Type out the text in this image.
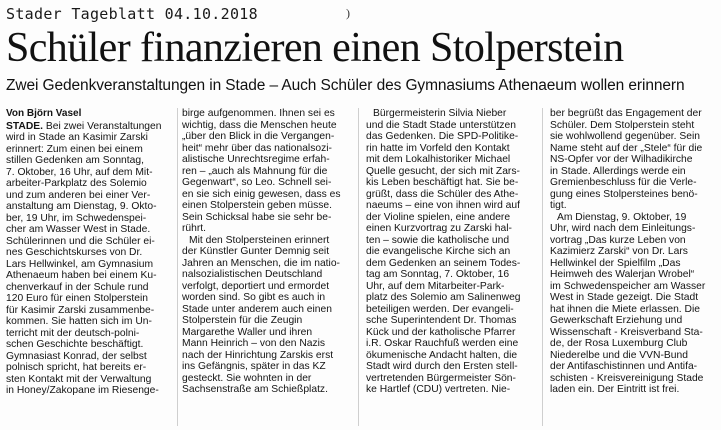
Stader Tageblatt 04.10.2018	)
Schüler finanzieren einen Stolperstein
Zwei Gedenkveranstaltungen in Stade – Auch Schüler des Gymnasiums Athenaeum wollen erinnern
Von Björn Vasel
STADE. Bei zwei Veranstaltungen
wird in Stade an Kasimir Zarski
erinnert: Zum einen bei einem
stillen Gedenken am Sonntag,
7. Oktober, 16 Uhr, auf dem Mit-
arbeiter-Parkplatz des Solemio
und zum anderen bei einer Ver-
anstaltung am Dienstag, 9. Okto-
ber, 19 Uhr, im Schwedenspei-
cher am Wasser West in Stade.
Schülerinnen und die Schüler ei-
nes Geschichtskurses von Dr.
Lars Hellwinkel, am Gymnasium
Athenaeum haben bei einem Ku-
chenverkauf in der Schule rund
120 Euro für einen Stolperstein
für Kasimir Zarski zusammenbe-
kommen. Sie hatten sich im Un-
terricht mit der deutsch-polni-
schen Geschichte beschäftigt.
Gymnasiast Konrad, der selbst
polnisch spricht, hat bereits er-
sten Kontakt mit der Verwaltung
in Honey/Zakopane im Riesenge-
birge aufgenommen. Ihnen sei es
wichtig, dass die Menschen heute
„über den Blick in die Vergangen-
heit“ mehr über das nationalsozi-
alistische Unrechtsregime erfah-
ren – „auch als Mahnung für die
Gegenwart“, so Leo. Schnell sei-
en sie sich einig gewesen, dass es
einen Stolperstein geben müsse.
Sein Schicksal habe sie sehr be-
rührt.
Mit den Stolpersteinen erinnert
der Künstler Gunter Demnig seit
Jahren an Menschen, die im natio-
nalsozialistischen Deutschland
verfolgt, deportiert und ermordet
worden sind. So gibt es auch in
Stade unter anderem auch einen
Stolperstein für die Zeugin
Margarethe Waller und ihren
Mann Heinrich – von den Nazis
nach der Hinrichtung Zarskis erst
ins Gefängnis, später in das KZ
gesteckt. Sie wohnten in der
Sachsenstraße am Schießplatz.
Bürgermeisterin Silvia Nieber
und die Stadt Stade unterstützen
das Gedenken. Die SPD-Politike-
rin hatte im Vorfeld den Kontakt
mit dem Lokalhistoriker Michael
Quelle gesucht, der sich mit Zars-
kis Leben beschäftigt hat. Sie be-
grüßt, dass die Schüler des Athe-
naeums – eine von ihnen wird auf
der Violine spielen, eine andere
einen Kurzvortrag zu Zarski hal-
ten – sowie die katholische und
die evangelische Kirche sich an
dem Gedenken an seinem Todes-
tag am Sonntag, 7. Oktober, 16
Uhr, auf dem Mitarbeiter-Park-
platz des Solemio am Salinenweg
beteiligen werden. Der evangeli-
sche Superintendent Dr. Thomas
Kück und der katholische Pfarrer
i.R. Oskar Rauchfuß werden eine
ökumenische Andacht halten, die
Stadt wird durch den Ersten stell-
vertretenden Bürgermeister Sön-
ke Hartlef (CDU) vertreten. Nie-
ber begrüßt das Engagement der
Schüler. Dem Stolperstein steht
sie wohlwollend gegenüber. Sein
Name steht auf der „Stele“ für die
NS-Opfer vor der Wilhadikirche
in Stade. Allerdings werde ein
Gremienbeschluss für die Verle-
gung eines Stolpersteines benö-
tigt.
Am Dienstag, 9. Oktober, 19
Uhr, wird nach dem Einleitungs-
vortrag „Das kurze Leben von
Kazimierz Zarski“ von Dr. Lars
Hellwinkel der Spielfilm „Das
Heimweh des Walerjan Wrobel“
im Schwedenspeicher am Wasser
West in Stade gezeigt. Die Stadt
hat ihnen die Miete erlassen. Die
Gewerkschaft Erziehung und
Wissenschaft - Kreisverband Sta-
de, der Rosa Luxemburg Club
Niederelbe und die VVN-Bund
der Antifaschistinnen und Antifa-
schisten - Kreisvereinigung Stade
laden ein. Der Eintritt ist frei.
